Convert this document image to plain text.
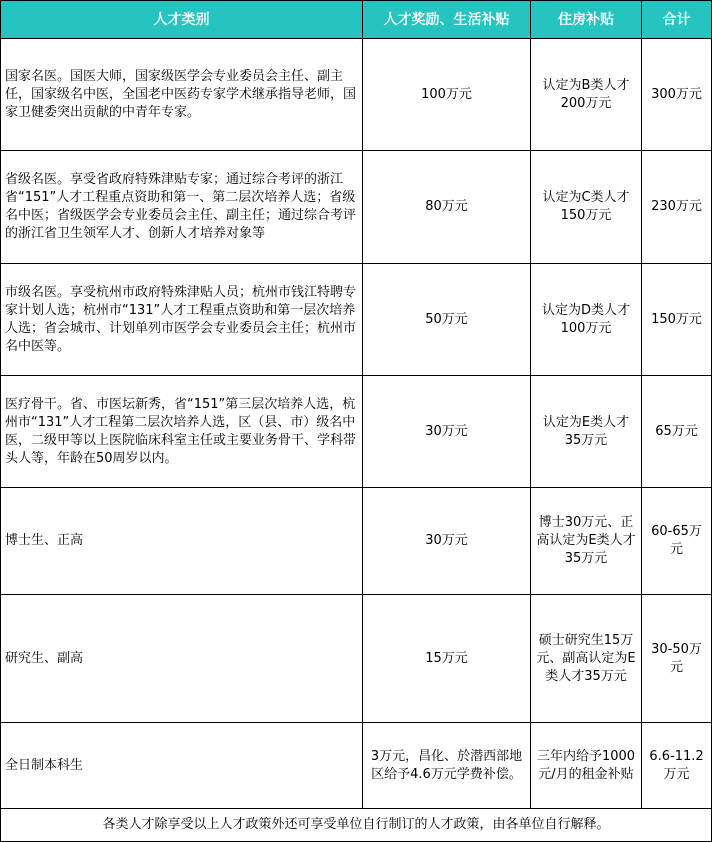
人才类别	人才奖励、生活补贴	住房补贴	合计
国家名医。国医大师，国家级医学会专业委员会主任、副主任，国家级名中医，全国老中医药专家学术继承指导老师，国家卫健委突出贡献的中青年专家。	100万元	认定为B类人才200万元	300万元
省级名医。享受省政府特殊津贴专家；通过综合考评的浙江省“151”人才工程重点资助和第一、第二层次培养人选；省级名中医；省级医学会专业委员会主任、副主任；通过综合考评的浙江省卫生领军人才、创新人才培养对象等	80万元	认定为C类人才150万元	230万元
市级名医。享受杭州市政府特殊津贴人员；杭州市钱江特聘专家计划人选；杭州市“131”人才工程重点资助和第一层次培养人选；省会城市、计划单列市医学会专业委员会主任；杭州市名中医等。	50万元	认定为D类人才100万元	150万元
医疗骨干。省、市医坛新秀，省“151”第三层次培养人选，杭州市“131”人才工程第二层次培养人选，区（县、市）级名中医，二级甲等以上医院临床科室主任或主要业务骨干、学科带头人等，年龄在50周岁以内。	30万元	认定为E类人才35万元	65万元
博士生、正高	30万元	博士30万元、正高认定为E类人才35万元	60-65万元
研究生、副高	15万元	硕士研究生15万元、副高认定为E类人才35万元	30-50万元
全日制本科生	3万元，昌化、於潜西部地区给予4.6万元学费补偿。	三年内给予1000元/月的租金补贴	6.6-11.2万元
各类人才除享受以上人才政策外还可享受单位自行制订的人才政策，由各单位自行解释。			
